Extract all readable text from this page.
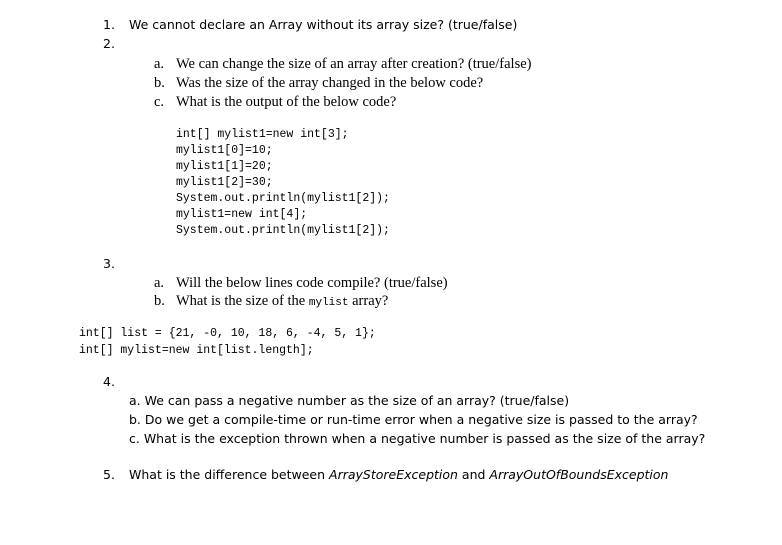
1. We cannot declare an Array without its array size? (true/false)
2.
a. We can change the size of an array after creation? (true/false)
b. Was the size of the array changed in the below code?
c. What is the output of the below code?
int[] mylist1=new int[3];
mylist1[0]=10;
mylist1[1]=20;
mylist1[2]=30;
System.out.println(mylist1[2]);
mylist1=new int[4];
System.out.println(mylist1[2]);
3.
a. Will the below lines code compile? (true/false)
b. What is the size of the mylist array?
int[] list = {21, -0, 10, 18, 6, -4, 5, 1};
int[] mylist=new int[list.length];
4.
a. We can pass a negative number as the size of an array? (true/false)
b. Do we get a compile-time or run-time error when a negative size is passed to the array?
c. What is the exception thrown when a negative number is passed as the size of the array?
5. What is the difference between ArrayStoreException and ArrayOutOfBoundsException
